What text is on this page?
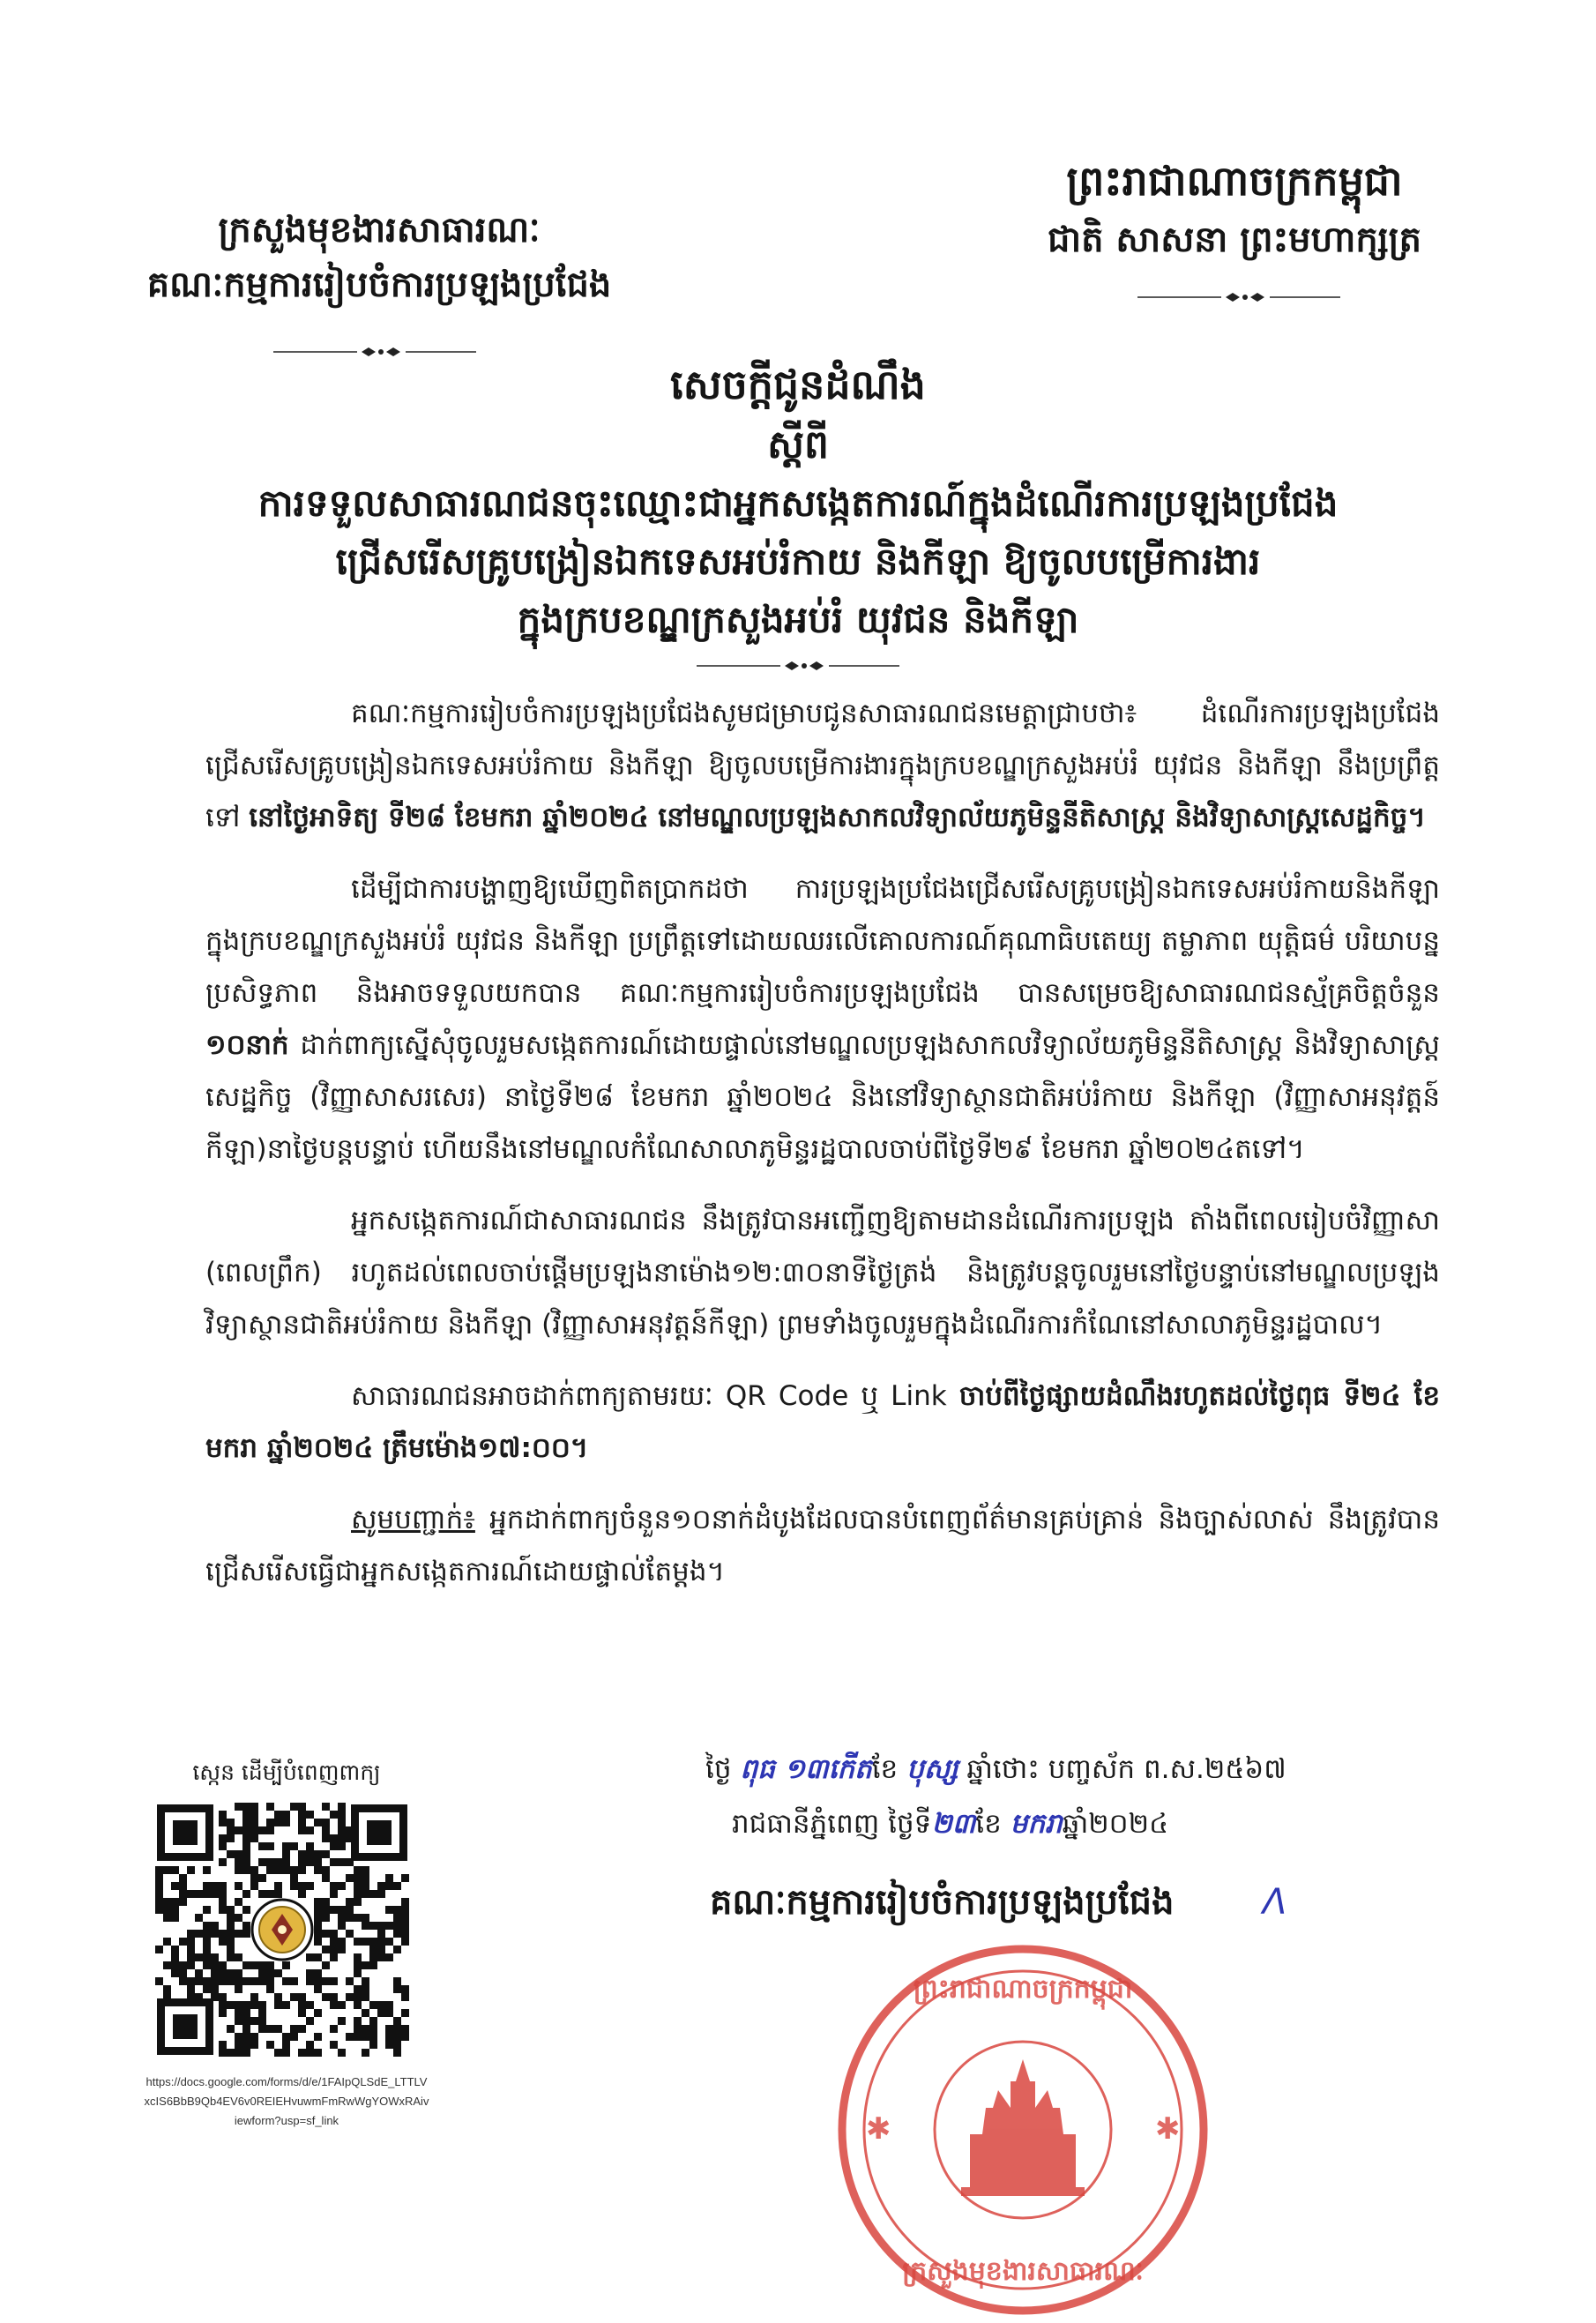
ព្រះរាជាណាចក្រកម្ពុជា
ជាតិ សាសនា ព្រះមហាក្សត្រ
ក្រសួងមុខងារសាធារណៈ
គណៈកម្មការរៀបចំការប្រឡងប្រជែង
សេចក្តីជូនដំណឹង
ស្តីពី
ការទទួលសាធារណជនចុះឈ្មោះជាអ្នកសង្កេតការណ៍ក្នុងដំណើរការប្រឡងប្រជែង
ជ្រើសរើសគ្រូបង្រៀនឯកទេសអប់រំកាយ និងកីឡា ឱ្យចូលបម្រើការងារ
ក្នុងក្របខណ្ឌក្រសួងអប់រំ យុវជន និងកីឡា

គណៈកម្មការរៀបចំការប្រឡងប្រជែងសូមជម្រាបជូនសាធារណជនមេត្តាជ្រាបថា៖ ដំណើរការប្រឡងប្រជែងជ្រើសរើសគ្រូបង្រៀនឯកទេសអប់រំកាយ និងកីឡា ឱ្យចូលបម្រើការងារក្នុងក្របខណ្ឌក្រសួងអប់រំ យុវជន និងកីឡា នឹងប្រព្រឹត្តទៅ នៅថ្ងៃអាទិត្យ ទី២៨ ខែមករា ឆ្នាំ២០២៤ នៅមណ្ឌលប្រឡងសាកលវិទ្យាល័យភូមិន្ទនីតិសាស្ត្រ និងវិទ្យាសាស្ត្រសេដ្ឋកិច្ច។

ដើម្បីជាការបង្ហាញឱ្យឃើញពិតប្រាកដថា ការប្រឡងប្រជែងជ្រើសរើសគ្រូបង្រៀនឯកទេសអប់រំកាយនិងកីឡា ក្នុងក្របខណ្ឌក្រសួងអប់រំ យុវជន និងកីឡា ប្រព្រឹត្តទៅដោយឈរលើគោលការណ៍គុណាធិបតេយ្យ តម្លាភាព យុត្តិធម៌ បរិយាបន្ន ប្រសិទ្ធភាព និងអាចទទួលយកបាន គណៈកម្មការរៀបចំការប្រឡងប្រជែង បានសម្រេចឱ្យសាធារណជនស្ម័គ្រចិត្តចំនួន ១០នាក់ ដាក់ពាក្យស្នើសុំចូលរួមសង្កេតការណ៍ដោយផ្ទាល់នៅមណ្ឌលប្រឡងសាកលវិទ្យាល័យភូមិន្ទនីតិសាស្ត្រ និងវិទ្យាសាស្ត្រសេដ្ឋកិច្ច (វិញ្ញាសាសរសេរ) នាថ្ងៃទី២៨ ខែមករា ឆ្នាំ២០២៤ និងនៅវិទ្យាស្ថានជាតិអប់រំកាយ និងកីឡា (វិញ្ញាសាអនុវត្តន៍កីឡា)នាថ្ងៃបន្តបន្ទាប់ ហើយនឹងនៅមណ្ឌលកំណែសាលាភូមិន្ទរដ្ឋបាលចាប់ពីថ្ងៃទី២៩ ខែមករា ឆ្នាំ២០២៤តទៅ។

អ្នកសង្កេតការណ៍ជាសាធារណជន នឹងត្រូវបានអញ្ជើញឱ្យតាមដានដំណើរការប្រឡង តាំងពីពេលរៀបចំវិញ្ញាសា (ពេលព្រឹក) រហូតដល់ពេលចាប់ផ្តើមប្រឡងនាម៉ោង១២:៣០នាទីថ្ងៃត្រង់ និងត្រូវបន្តចូលរួមនៅថ្ងៃបន្ទាប់នៅមណ្ឌលប្រឡងវិទ្យាស្ថានជាតិអប់រំកាយ និងកីឡា (វិញ្ញាសាអនុវត្តន៍កីឡា) ព្រមទាំងចូលរួមក្នុងដំណើរការកំណែនៅសាលាភូមិន្ទរដ្ឋបាល។

សាធារណជនអាចដាក់ពាក្យតាមរយៈ QR Code ឬ Link ចាប់ពីថ្ងៃផ្សាយដំណឹងរហូតដល់ថ្ងៃពុធ ទី២៤ ខែមករា ឆ្នាំ២០២៤ ត្រឹមម៉ោង១៧:០០។

សូមបញ្ជាក់៖ អ្នកដាក់ពាក្យចំនួន១០នាក់ដំបូងដែលបានបំពេញព័ត៌មានគ្រប់គ្រាន់ និងច្បាស់លាស់ នឹងត្រូវបានជ្រើសរើសធ្វើជាអ្នកសង្កេតការណ៍ដោយផ្ទាល់តែម្តង។

ស្កេន ដើម្បីបំពេញពាក្យ
https://docs.google.com/forms/d/e/1FAIpQLSdE_LTTLV
xcIS6BbB9Qb4EV6v0REIEHvuwmFmRwWgYOWxRAiv
iewform?usp=sf_link
ថ្ងៃ ពុធ ១៣កើតខែ បុស្ស ឆ្នាំថោះ បញ្ចស័ក ព.ស.២៥៦៧
រាជធានីភ្នំពេញ ថ្ងៃទី២៣ខែ មករាឆ្នាំ២០២៤
គណៈកម្មការរៀបចំការប្រឡងប្រជែង	ᐱ
ព្រះរាជាណាចក្រកម្ពុជា
ក្រសួងមុខងារសាធារណៈ
✱	✱
